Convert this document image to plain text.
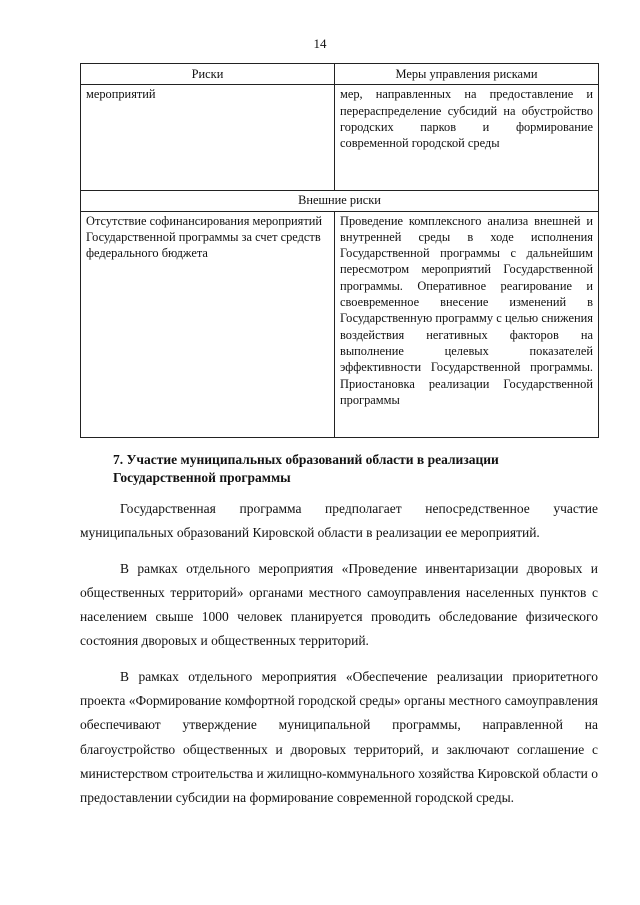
14
Риски	Меры управления рисками
мероприятий	мер, направленных на предоставление и перераспределение субсидий на обустройство городских парков и формирование современной городской среды
Внешние риски	
Отсутствие софинансирования мероприятий Государственной программы за счет средств федерального бюджета	Проведение комплексного анализа внешней и внутренней среды в ходе исполнения Государственной программы с дальнейшим пересмотром мероприятий Государственной программы. Оперативное реагирование и своевременное внесение изменений в Государственную программу с целью снижения воздействия негативных факторов на выполнение целевых показателей эффективности Государственной программы. Приостановка реализации Государственной программы
7. Участие муниципальных образований области в реализации Государственной программы

Государственная программа предполагает непосредственное участие муниципальных образований Кировской области в реализации ее мероприятий.

В рамках отдельного мероприятия «Проведение инвентаризации дворовых и общественных территорий» органами местного самоуправления населенных пунктов с населением свыше 1000 человек планируется проводить обследование физического состояния дворовых и общественных территорий.

В рамках отдельного мероприятия «Обеспечение реализации приоритетного проекта «Формирование комфортной городской среды» органы местного самоуправления обеспечивают утверждение муниципальной программы, направленной на благоустройство общественных и дворовых территорий, и заключают соглашение с министерством строительства и жилищно-коммунального хозяйства Кировской области о предоставлении субсидии на формирование современной городской среды.
